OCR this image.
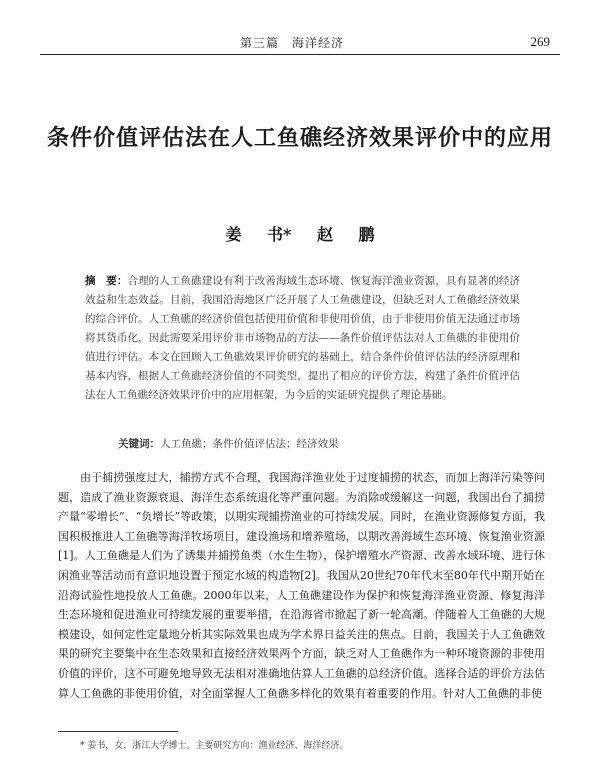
第三篇　海洋经济	269
条件价值评估法在人工鱼礁经济效果评价中的应用
姜 书* 赵 鹏
摘　要：合理的人工鱼礁建设有利于改善海域生态环境、恢复海洋渔业资源，具有显著的经济效益和生态效益。目前，我国沿海地区广泛开展了人工鱼礁建设，但缺乏对人工鱼礁经济效果的综合评价。人工鱼礁的经济价值包括使用价值和非使用价值，由于非使用价值无法通过市场将其货币化，因此需要采用评价非市场物品的方法——条件价值评估法对人工鱼礁的非使用价值进行评估。本文在回顾人工鱼礁效果评价研究的基础上，结合条件价值评估法的经济原理和基本内容，根据人工鱼礁经济价值的不同类型，提出了相应的评价方法，构建了条件价值评估法在人工鱼礁经济效果评价中的应用框架，为今后的实证研究提供了理论基础。
关键词：人工鱼礁；条件价值评估法；经济效果
由于捕捞强度过大，捕捞方式不合理，我国海洋渔业处于过度捕捞的状态，而加上海洋污染等问题，造成了渔业资源衰退、海洋生态系统退化等严重问题。为消除或缓解这一问题，我国出台了捕捞产量“零增长”、“负增长”等政策，以期实现捕捞渔业的可持续发展。同时，在渔业资源修复方面，我国积极推进人工鱼礁等海洋牧场项目，建设渔场和增养殖场，以期改善海域生态环境、恢复渔业资源[1]。人工鱼礁是人们为了诱集并捕捞鱼类（水生生物），保护增殖水产资源、改善水域环境、进行休闲渔业等活动而有意识地设置于预定水域的构造物[2]。我国从20世纪70年代末至80年代中期开始在沿海试验性地投放人工鱼礁。2000年以来，人工鱼礁建设作为保护和恢复海洋渔业资源、修复海洋生态环境和促进渔业可持续发展的重要举措，在沿海省市掀起了新一轮高潮。伴随着人工鱼礁的大规模建设，如何定性定量地分析其实际效果也成为学术界日益关注的焦点。目前，我国关于人工鱼礁效果的研究主要集中在生态效果和直接经济效果两个方面，缺乏对人工鱼礁作为一种环境资源的非使用价值的评价，这不可避免地导致无法相对准确地估算人工鱼礁的总经济价值。选择合适的评价方法估算人工鱼礁的非使用价值，对全面掌握人工鱼礁多样化的效果有着重要的作用。针对人工鱼礁的非使
* 姜书，女，浙江大学博士。主要研究方向：渔业经济、海洋经济。
